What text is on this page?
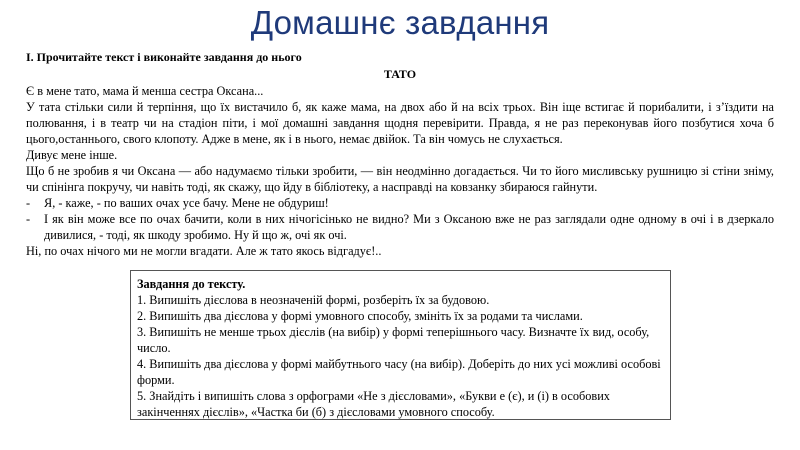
Домашнє завдання
І. Прочитайте текст і виконайте завдання до нього
ТАТО

Є в мене тато, мама й менша сестра Оксана...

У тата стільки сили й терпіння, що їх вистачило б, як каже мама, на двох або й на всіх трьох. Він іще встигає й порибалити, і з’їздити на полювання, і в театр чи на стадіон піти, і мої домашні завдання щодня перевірити. Правда, я не раз переконував його позбутися хоча б цього,останнього, свого клопоту. Адже в мене, як і в нього, немає двійок. Та він чомусь не слухається.

Дивує мене інше.

Що б не зробив я чи Оксана — або надумаємо тільки зробити, — він неодмінно догадається. Чи то його мисливську рушницю зі стіни зніму, чи спінінга покручу, чи навіть тоді, як скажу, що йду в бібліотеку, а насправді на ковзанку збираюся гайнути.

- Я, - каже, - по ваших очах усе бачу. Мене не обдуриш!

- І як він може все по очах бачити, коли в них нічогісінько не видно? Ми з Оксаною вже не раз заглядали одне одному в очі і в дзеркало дивилися, - тоді, як шкоду зробимо. Ну й що ж, очі як очі.

Ні, по очах нічого ми не могли вгадати. Але ж тато якось відгадує!..

Завдання до тексту.

1. Випишіть дієслова в неозначеній формі, розберіть їх за будовою.

2. Випишіть два дієслова у формі умовного способу, змініть їх за родами та числами.

3. Випишіть не менше трьох дієслів (на вибір) у формі теперішнього часу. Визначте їх вид, особу, число.

4. Випишіть два дієслова у формі майбутнього часу (на вибір). Доберіть до них усі можливі особові форми.

5. Знайдіть і випишіть слова з орфограми «Не з дієсловами», «Букви е (є), и (і) в особових закінченнях дієслів», «Частка би (б) з дієсловами умовного способу.
